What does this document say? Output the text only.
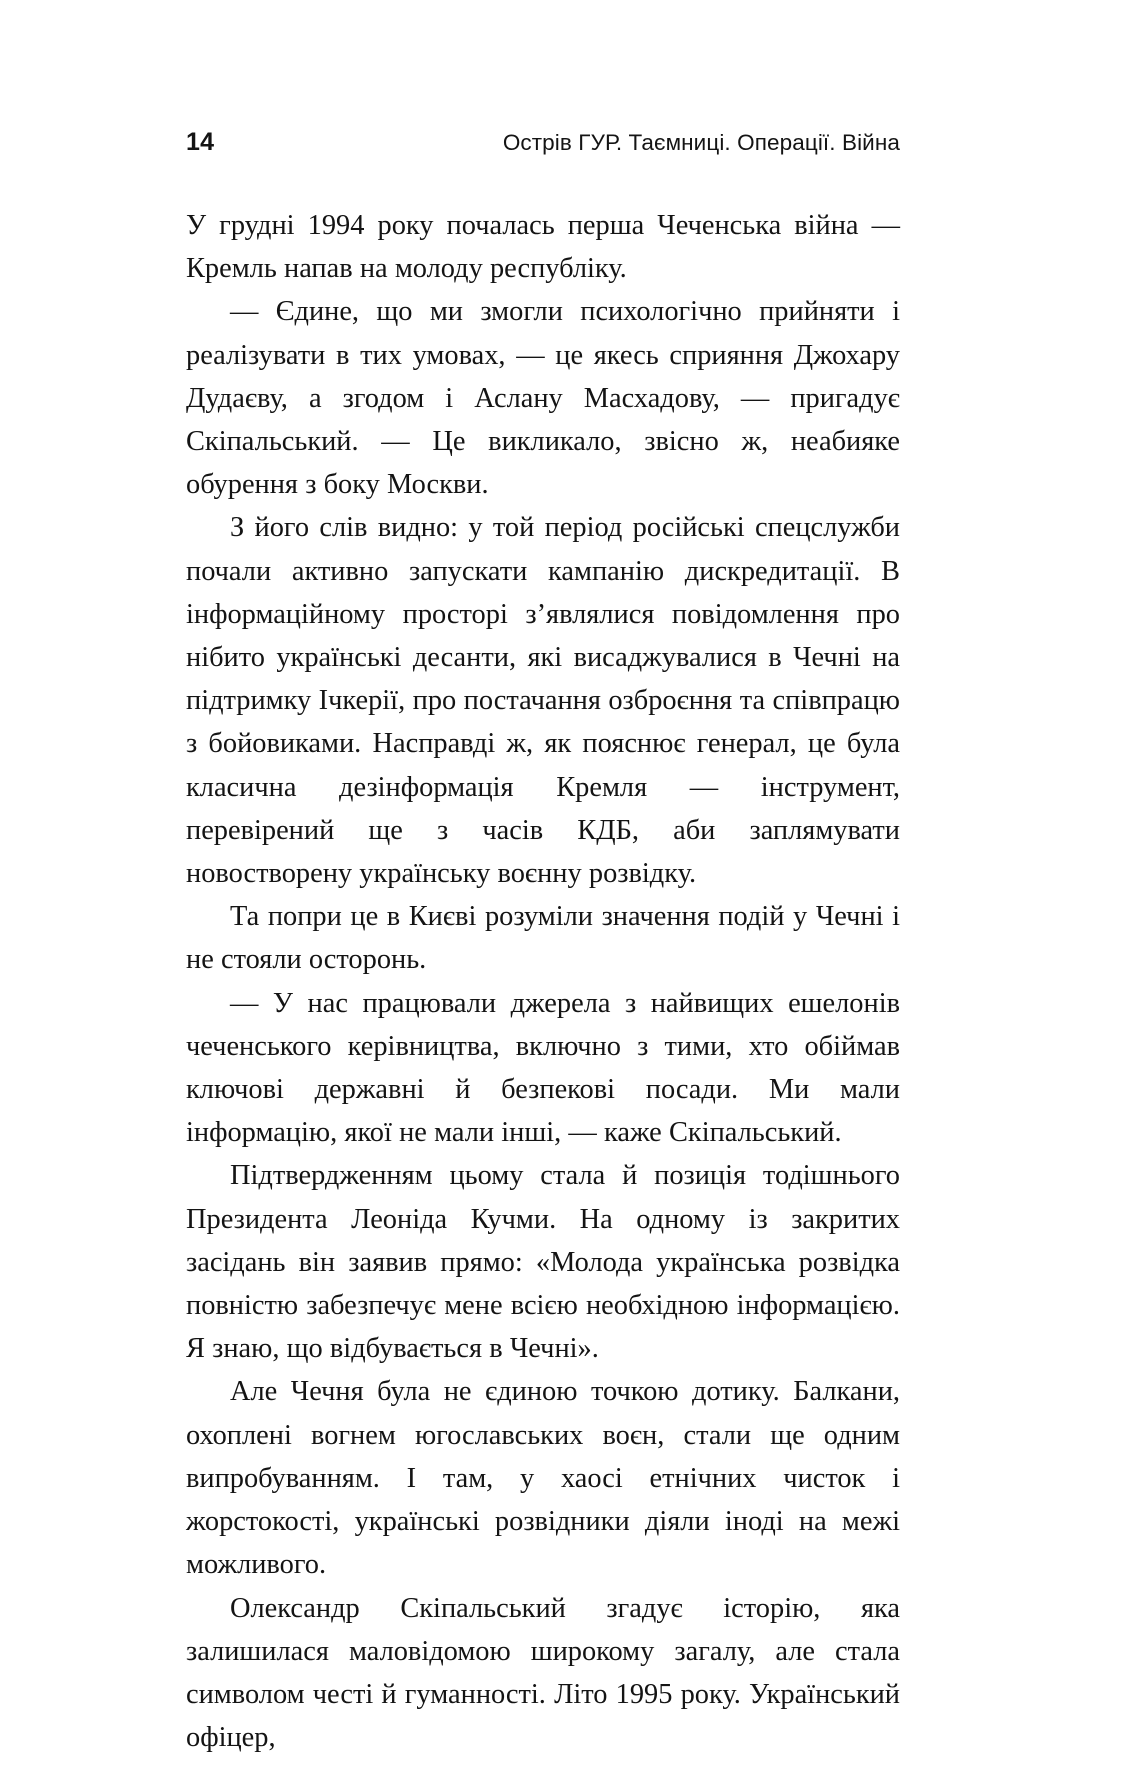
14	Острів ГУР. Таємниці. Операції. Війна

У грудні 1994 року почалась перша Чеченська війна — Кремль напав на молоду республіку.

— Єдине, що ми змогли психологічно прийняти і реалізувати в тих умовах, — це якесь сприяння Джохару Дудаєву, а згодом і Аслану Масхадову, — пригадує Скіпальський. — Це викликало, звісно ж, неабияке обурення з боку Москви.

З його слів видно: у той період російські спецслужби почали активно запускати кампанію дискредитації. В інформаційному просторі з’являлися повідомлення про нібито українські десанти, які висаджувалися в Чечні на підтримку Ічкерії, про постачання озброєння та співпрацю з бойовиками. Насправді ж, як пояснює генерал, це була класична дезінформація Кремля — інструмент, перевірений ще з часів КДБ, аби заплямувати новостворену українську воєнну розвідку.

Та попри це в Києві розуміли значення подій у Чечні і не стояли осторонь.

— У нас працювали джерела з найвищих ешелонів чеченського керівництва, включно з тими, хто обіймав ключові державні й безпекові посади. Ми мали інформацію, якої не мали інші, — каже Скіпальський.

Підтвердженням цьому стала й позиція тодішнього Президента Леоніда Кучми. На одному із закритих засідань він заявив прямо: «Молода українська розвідка повністю забезпечує мене всією необхідною інформацією. Я знаю, що відбувається в Чечні».

Але Чечня була не єдиною точкою дотику. Балкани, охоплені вогнем югославських воєн, стали ще одним випробуванням. І там, у хаосі етнічних чисток і жорстокості, українські розвідники діяли іноді на межі можливого.

Олександр Скіпальський згадує історію, яка залишилася маловідомою широкому загалу, але стала символом честі й гуманності. Літо 1995 року. Український офіцер,
